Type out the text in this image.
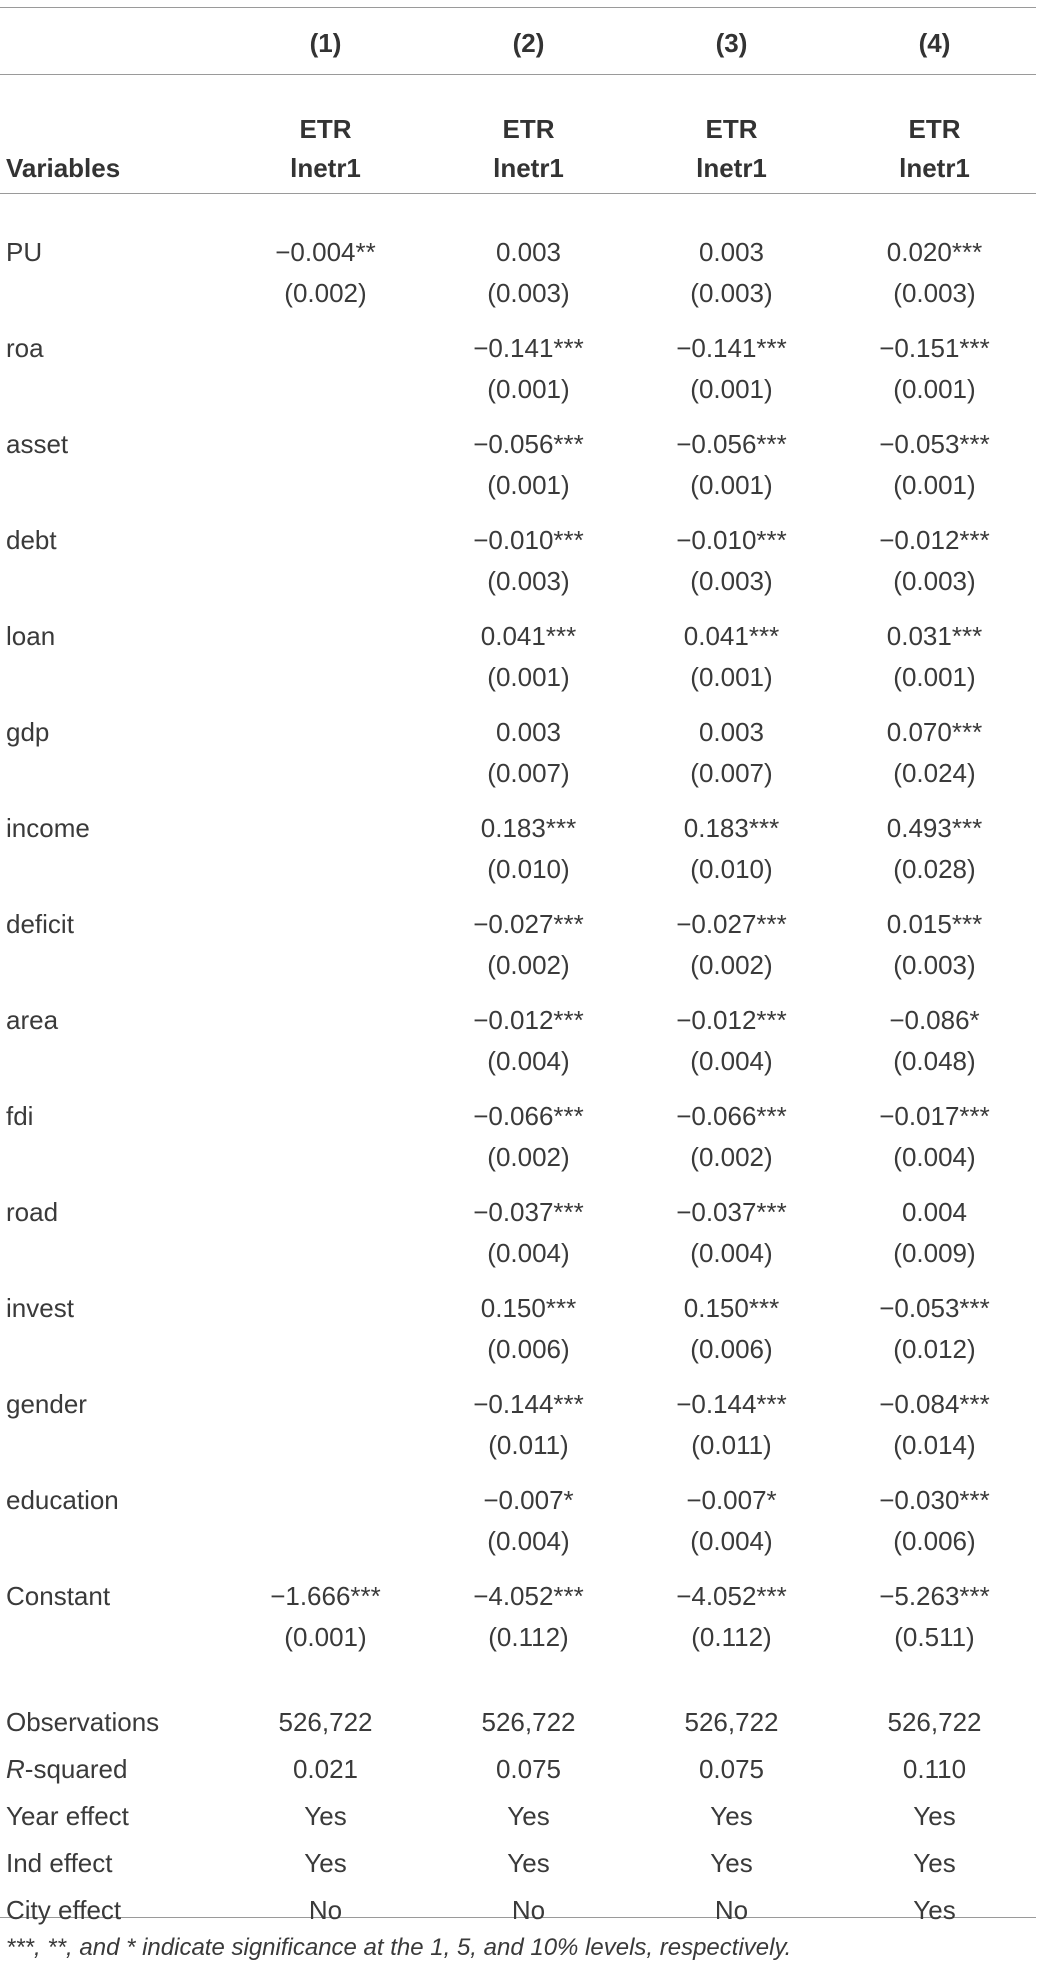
	(1)	(2)	(3)	(4)
	ETR	ETR	ETR	ETR
Variables	lnetr1	lnetr1	lnetr1	lnetr1
PU	−0.004**	0.003	0.003	0.020***
	(0.002)	(0.003)	(0.003)	(0.003)
roa		−0.141***	−0.141***	−0.151***
		(0.001)	(0.001)	(0.001)
asset		−0.056***	−0.056***	−0.053***
		(0.001)	(0.001)	(0.001)
debt		−0.010***	−0.010***	−0.012***
		(0.003)	(0.003)	(0.003)
loan		0.041***	0.041***	0.031***
		(0.001)	(0.001)	(0.001)
gdp		0.003	0.003	0.070***
		(0.007)	(0.007)	(0.024)
income		0.183***	0.183***	0.493***
		(0.010)	(0.010)	(0.028)
deficit		−0.027***	−0.027***	0.015***
		(0.002)	(0.002)	(0.003)
area		−0.012***	−0.012***	−0.086*
		(0.004)	(0.004)	(0.048)
fdi		−0.066***	−0.066***	−0.017***
		(0.002)	(0.002)	(0.004)
road		−0.037***	−0.037***	0.004
		(0.004)	(0.004)	(0.009)
invest		0.150***	0.150***	−0.053***
		(0.006)	(0.006)	(0.012)
gender		−0.144***	−0.144***	−0.084***
		(0.011)	(0.011)	(0.014)
education		−0.007*	−0.007*	−0.030***
		(0.004)	(0.004)	(0.006)
Constant	−1.666***	−4.052***	−4.052***	−5.263***
	(0.001)	(0.112)	(0.112)	(0.511)

Observations	526,722	526,722	526,722	526,722
R-squared	0.021	0.075	0.075	0.110
Year effect	Yes	Yes	Yes	Yes
Ind effect	Yes	Yes	Yes	Yes
City effect	No	No	No	Yes
***, **, and * indicate significance at the 1, 5, and 10% levels, respectively.
